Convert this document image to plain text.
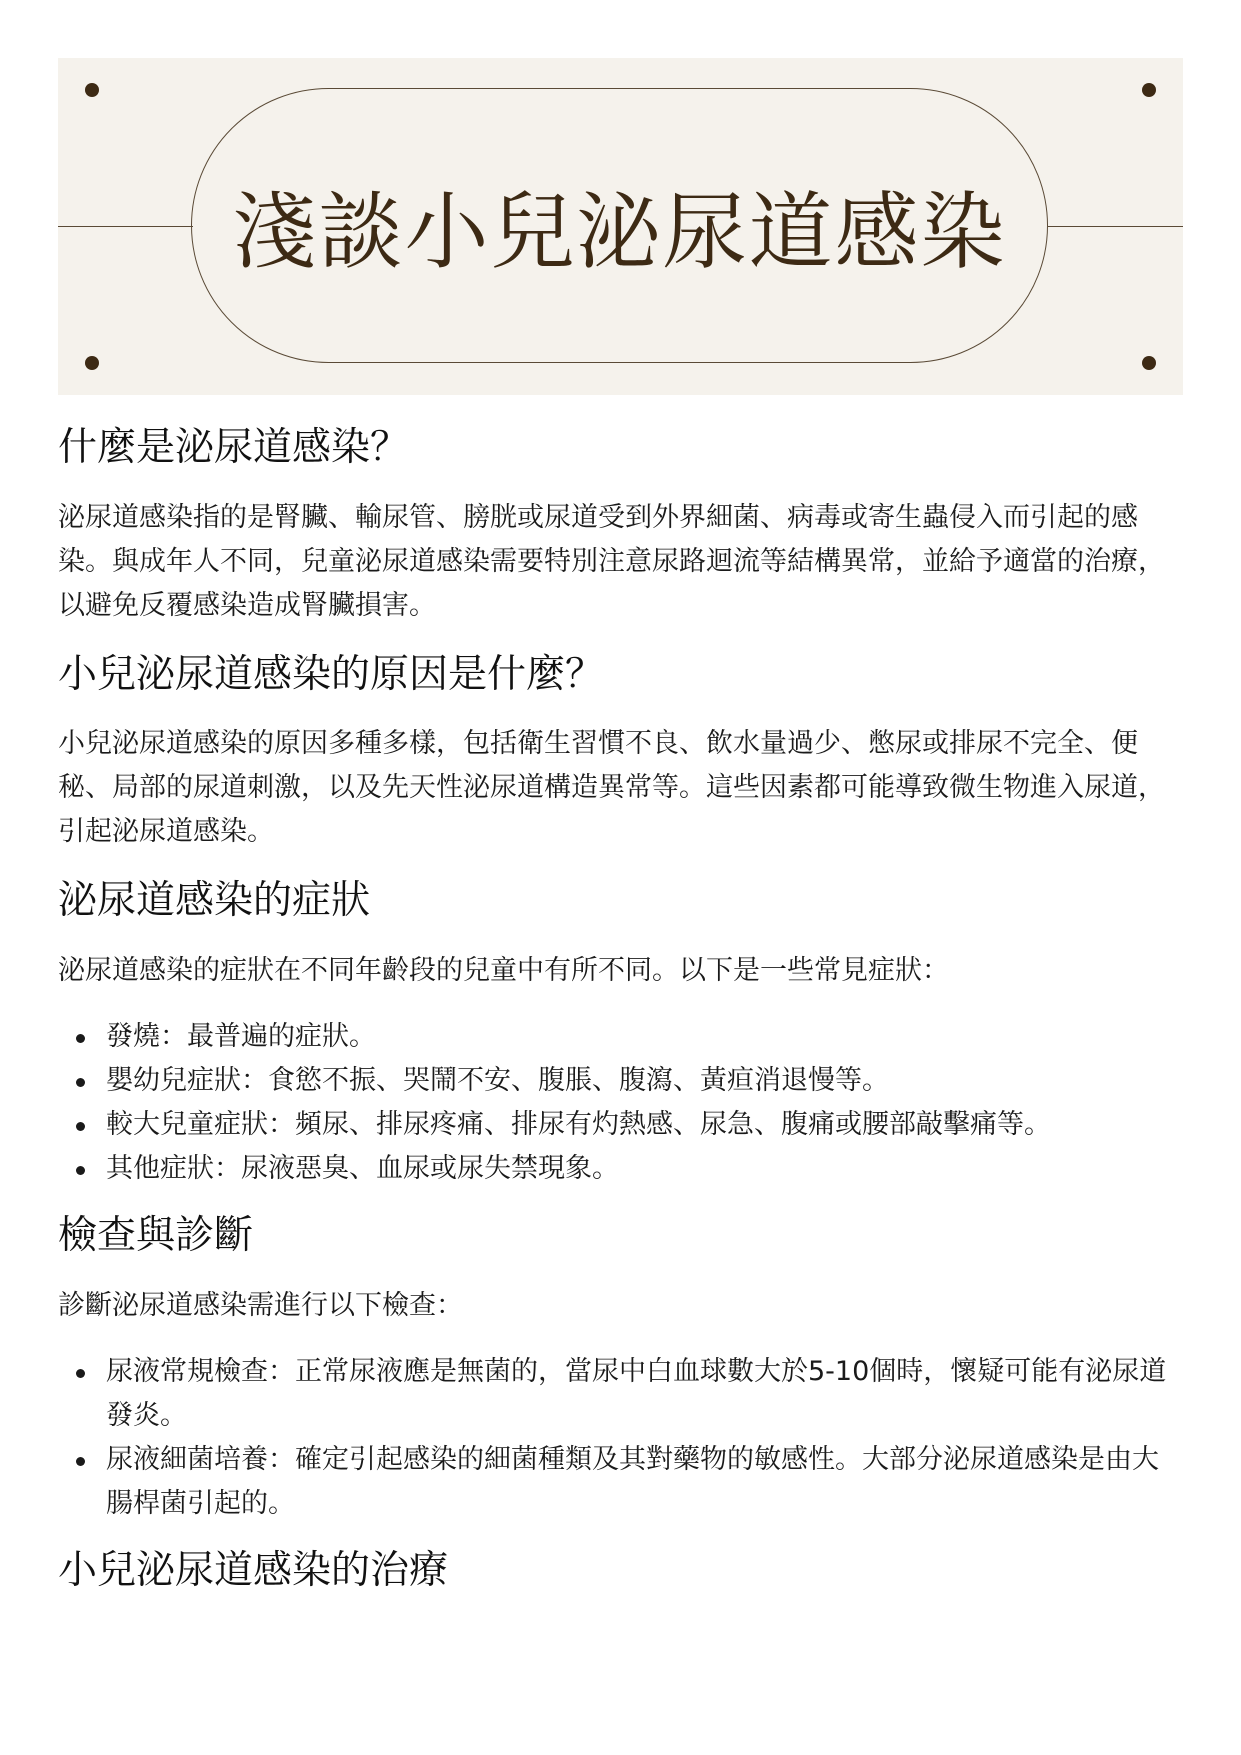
淺談小兒泌尿道感染
什麼是泌尿道感染？

泌尿道感染指的是腎臟、輸尿管、膀胱或尿道受到外界細菌、病毒或寄生蟲侵入而引起的感染。與成年人不同，兒童泌尿道感染需要特別注意尿路迴流等結構異常，並給予適當的治療，以避免反覆感染造成腎臟損害。

小兒泌尿道感染的原因是什麼？

小兒泌尿道感染的原因多種多樣，包括衛生習慣不良、飲水量過少、憋尿或排尿不完全、便秘、局部的尿道刺激，以及先天性泌尿道構造異常等。這些因素都可能導致微生物進入尿道，引起泌尿道感染。

泌尿道感染的症狀

泌尿道感染的症狀在不同年齡段的兒童中有所不同。以下是一些常見症狀：

發燒：最普遍的症狀。
嬰幼兒症狀：食慾不振、哭鬧不安、腹脹、腹瀉、黃疸消退慢等。
較大兒童症狀：頻尿、排尿疼痛、排尿有灼熱感、尿急、腹痛或腰部敲擊痛等。
其他症狀：尿液惡臭、血尿或尿失禁現象。
檢查與診斷

診斷泌尿道感染需進行以下檢查：

尿液常規檢查：正常尿液應是無菌的，當尿中白血球數大於5-10個時，懷疑可能有泌尿道發炎。
尿液細菌培養：確定引起感染的細菌種類及其對藥物的敏感性。大部分泌尿道感染是由大腸桿菌引起的。
小兒泌尿道感染的治療
